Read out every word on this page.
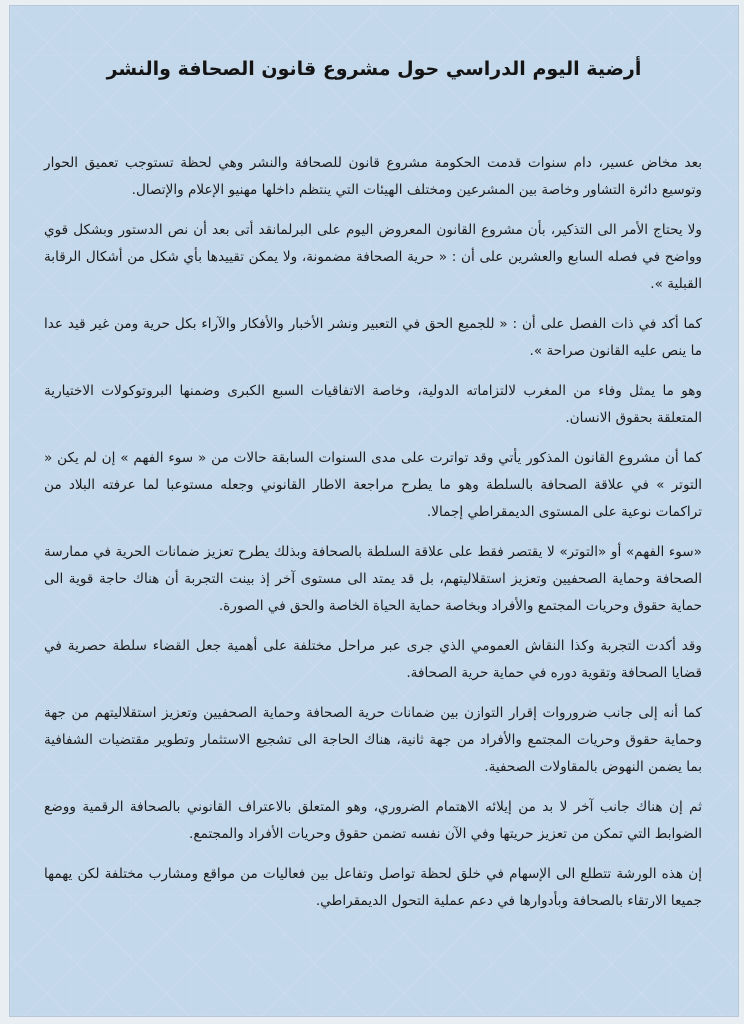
أرضية اليوم الدراسي حول مشروع قانون الصحافة والنشر

بعد مخاض عسير، دام سنوات قدمت الحكومة مشروع قانون للصحافة والنشر وهي لحظة تستوجب تعميق الحوار وتوسيع دائرة التشاور وخاصة بين المشرعين ومختلف الهيئات التي ينتظم داخلها مهنيو الإعلام والإتصال.

ولا يحتاج الأمر الى التذكير، بأن مشروع القانون المعروض اليوم على البرلمانقد أتى بعد أن نص الدستور وبشكل قوي وواضح في فصله السابع والعشرين على أن : « حرية الصحافة مضمونة، ولا يمكن تقييدها بأي شكل من أشكال الرقابة القبلية ».

كما أكد في ذات الفصل على أن : « للجميع الحق في التعبير ونشر الأخبار والأفكار والآراء بكل حرية ومن غير قيد عدا ما ينص عليه القانون صراحة ».

وهو ما يمثل وفاء من المغرب لالتزاماته الدولية، وخاصة الاتفاقيات السبع الكبرى وضمنها البروتوكولات الاختيارية المتعلقة بحقوق الانسان.

كما أن مشروع القانون المذكور يأتي وقد تواترت على مدى السنوات السابقة حالات من « سوء الفهم » إن لم يكن « التوتر » في علاقة الصحافة بالسلطة وهو ما يطرح مراجعة الاطار القانوني وجعله مستوعبا لما عرفته البلاد من تراكمات نوعية على المستوى الديمقراطي إجمالا.

«سوء الفهم» أو «التوتر» لا يقتصر فقط على علاقة السلطة بالصحافة وبذلك يطرح تعزيز ضمانات الحرية في ممارسة الصحافة وحماية الصحفيين وتعزيز استقلاليتهم، بل قد يمتد الى مستوى آخر إذ بينت التجربة أن هناك حاجة قوية الى حماية حقوق وحريات المجتمع والأفراد وبخاصة حماية الحياة الخاصة والحق في الصورة.

وقد أكدت التجربة وكذا النقاش العمومي الذي جرى عبر مراحل مختلفة على أهمية جعل القضاء سلطة حصرية في قضايا الصحافة وتقوية دوره في حماية حرية الصحافة.

كما أنه إلى جانب ضروروات إقرار التوازن بين ضمانات حرية الصحافة وحماية الصحفيين وتعزيز استقلاليتهم من جهة وحماية حقوق وحريات المجتمع والأفراد من جهة ثانية، هناك الحاجة الى تشجيع الاستثمار وتطوير مقتضيات الشفافية بما يضمن النهوض بالمقاولات الصحفية.

ثم إن هناك جانب آخر لا بد من إيلائه الاهتمام الضروري، وهو المتعلق بالاعتراف القانوني بالصحافة الرقمية ووضع الضوابط التي تمكن من تعزيز حريتها وفي الآن نفسه تضمن حقوق وحريات الأفراد والمجتمع.

إن هذه الورشة تتطلع الى الإسهام في خلق لحظة تواصل وتفاعل بين فعاليات من مواقع ومشارب مختلفة لكن يهمها جميعا الارتقاء بالصحافة وبأدوارها في دعم عملية التحول الديمقراطي.
